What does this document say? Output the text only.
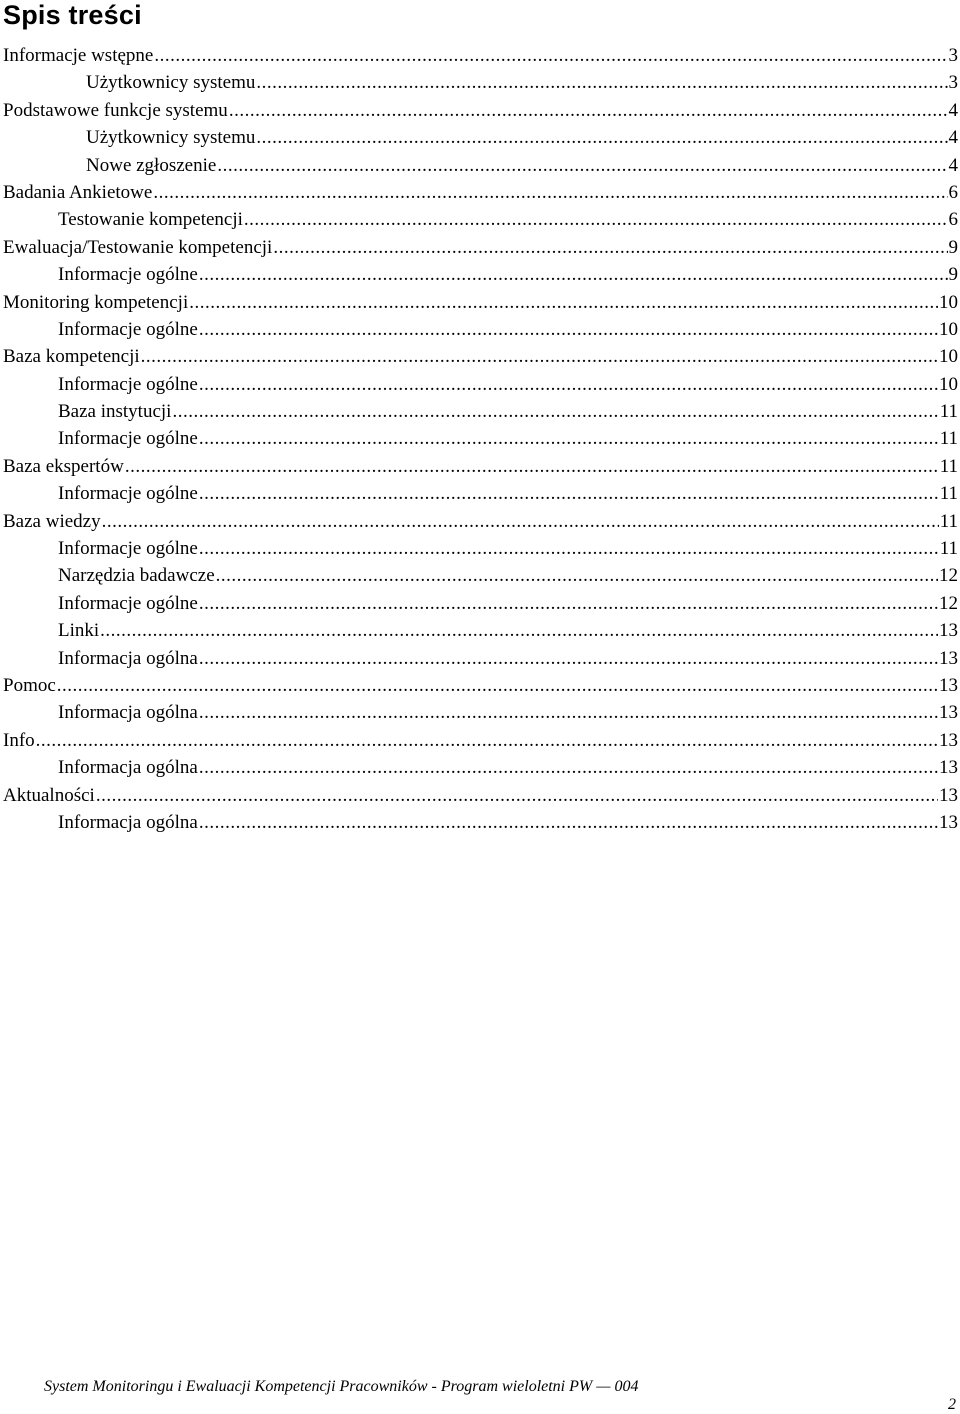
Spis treści
Informacje wstępne .....	3
Użytkownicy systemu .....	3
Podstawowe funkcje systemu .....	4
Użytkownicy systemu .....	4
Nowe zgłoszenie .....	4
Badania Ankietowe .....	6
Testowanie kompetencji .....	6
Ewaluacja/Testowanie kompetencji .....	9
Informacje ogólne .....	9
Monitoring kompetencji .....	10
Informacje ogólne .....	10
Baza kompetencji .....	10
Informacje ogólne .....	10
Baza instytucji .....	11
Informacje ogólne .....	11
Baza ekspertów .....	11
Informacje ogólne .....	11
Baza wiedzy .....	11
Informacje ogólne .....	11
Narzędzia badawcze .....	12
Informacje ogólne .....	12
Linki .....	13
Informacja ogólna .....	13
Pomoc .....	13
Informacja ogólna .....	13
Info .....	13
Informacja ogólna .....	13
Aktualności .....	13
Informacja ogólna .....	13
System Monitoringu i Ewaluacji Kompetencji Pracowników - Program wieloletni PW — 004
2
